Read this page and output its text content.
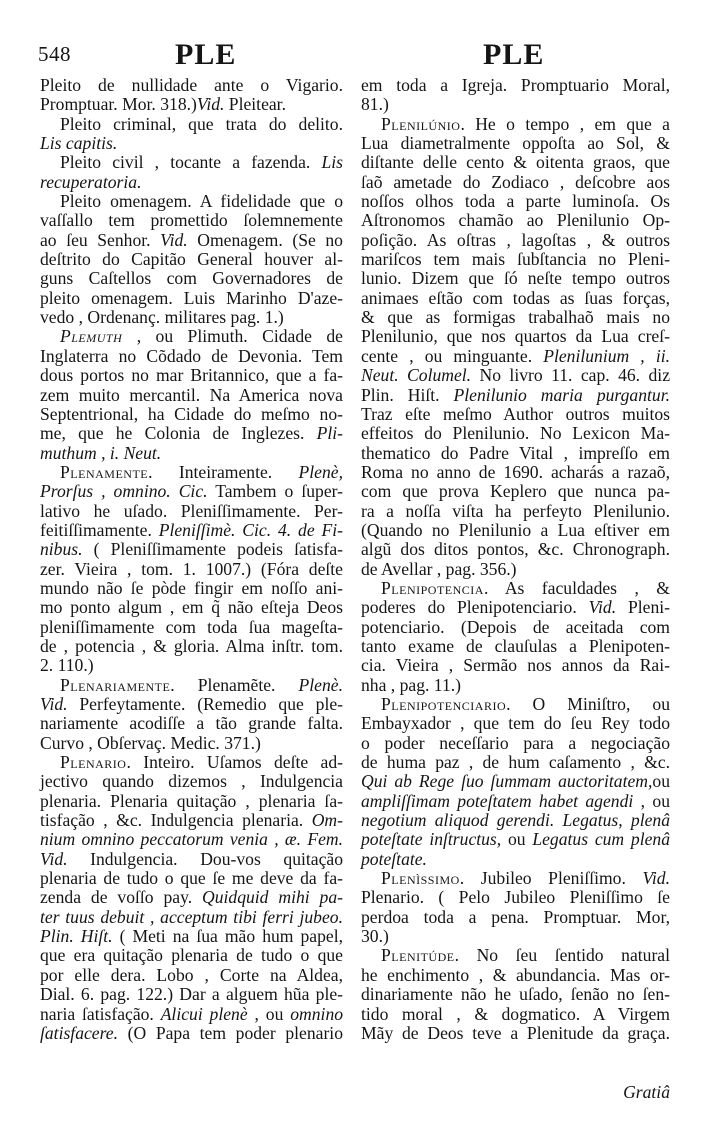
548	PLE	PLE
Pleito de nullidade ante o Vigario.
Promptuar. Mor. 318.)Vid. Pleitear.
Pleito criminal, que trata do delito.
Lis capitis.
Pleito civil , tocante a fazenda. Lis
recuperatoria.
Pleito omenagem. A fidelidade que o
vaſſallo tem promettido ſolemnemente
ao ſeu Senhor. Vid. Omenagem. (Se no
deſtrito do Capitão General houver al-
guns Caſtellos com Governadores de
pleito omenagem. Luis Marinho D'aze-
vedo , Ordenanç. militares pag. 1.)
Plemuth , ou Plimuth. Cidade de
Inglaterra no Cõdado de Devonia. Tem
dous portos no mar Britannico, que a fa-
zem muito mercantil. Na America nova
Septentrional, ha Cidade do meſmo no-
me, que he Colonia de Inglezes. Pli-
muthum , i. Neut.
Plenamente. Inteiramente. Plenè,
Prorſus , omnino. Cic. Tambem o ſuper-
lativo he uſado. Pleniſſimamente. Per-
feitiſſimamente. Pleniſſimè. Cic. 4. de Fi-
nibus. ( Pleniſſimamente podeis ſatisfa-
zer. Vieira , tom. 1. 1007.) (Fóra deſte
mundo não ſe pòde fingir em noſſo ani-
mo ponto algum , em q̃ não eſteja Deos
pleniſſimamente com toda ſua mageſta-
de , potencia , & gloria. Alma inſtr. tom.
2. 110.)
Plenariamente. Plenamẽte. Plenè.
Vid. Perfeytamente. (Remedio que ple-
nariamente acodiſſe a tão grande falta.
Curvo , Obſervaç. Medic. 371.)
Plenario. Inteiro. Uſamos deſte ad-
jectivo quando dizemos , Indulgencia
plenaria. Plenaria quitação , plenaria ſa-
tisfação , &c. Indulgencia plenaria. Om-
nium omnino peccatorum venia , æ. Fem.
Vid. Indulgencia. Dou-vos quitação
plenaria de tudo o que ſe me deve da fa-
zenda de voſſo pay. Quidquid mihi pa-
ter tuus debuit , acceptum tibi ferri jubeo.
Plin. Hiſt. ( Meti na ſua mão hum papel,
que era quitação plenaria de tudo o que
por elle dera. Lobo , Corte na Aldea,
Dial. 6. pag. 122.) Dar a alguem hũa ple-
naria ſatisfação. Alicui plenè , ou omnino
ſatisfacere. (O Papa tem poder plenario
em toda a Igreja. Promptuario Moral,
81.)
Plenilúnio. He o tempo , em que a
Lua diametralmente oppoſta ao Sol, &
diſtante delle cento & oitenta graos, que
ſaõ ametade do Zodiaco , deſcobre aos
noſſos olhos toda a parte luminoſa. Os
Aſtronomos chamão ao Plenilunio Op-
poſição. As oſtras , lagoſtas , & outros
mariſcos tem mais ſubſtancia no Pleni-
lunio. Dizem que ſó neſte tempo outros
animaes eſtão com todas as ſuas forças,
& que as formigas trabalhaõ mais no
Plenilunio, que nos quartos da Lua creſ-
cente , ou minguante. Plenilunium , ii.
Neut. Columel. No livro 11. cap. 46. diz
Plin. Hiſt. Plenilunio maria purgantur.
Traz eſte meſmo Author outros muitos
effeitos do Plenilunio. No Lexicon Ma-
thematico do Padre Vital , impreſſo em
Roma no anno de 1690. acharás a razaõ,
com que prova Keplero que nunca pa-
ra a noſſa viſta ha perfeyto Plenilunio.
(Quando no Plenilunio a Lua eſtiver em
algũ dos ditos pontos, &c. Chronograph.
de Avellar , pag. 356.)
Plenipotencia. As faculdades , &
poderes do Plenipotenciario. Vid. Pleni-
potenciario. (Depois de aceitada com
tanto exame de clauſulas a Plenipoten-
cia. Vieira , Sermão nos annos da Rai-
nha , pag. 11.)
Plenipotenciario. O Miniſtro, ou
Embayxador , que tem do ſeu Rey todo
o poder neceſſario para a negociação
de huma paz , de hum caſamento , &c.
Qui ab Rege ſuo ſummam auctoritatem,ou
ampliſſimam poteſtatem habet agendi , ou
negotium aliquod gerendi. Legatus, plenâ
poteſtate inſtructus, ou Legatus cum plenâ
poteſtate.
Plenìssimo. Jubileo Pleniſſimo. Vid.
Plenario. ( Pelo Jubileo Pleniſſimo ſe
perdoa toda a pena. Promptuar. Mor,
30.)
Plenitúde. No ſeu ſentido natural
he enchimento , & abundancia. Mas or-
dinariamente não he uſado, ſenão no ſen-
tido moral , & dogmatico. A Virgem
Mãy de Deos teve a Plenitude da graça.
Gratiâ
